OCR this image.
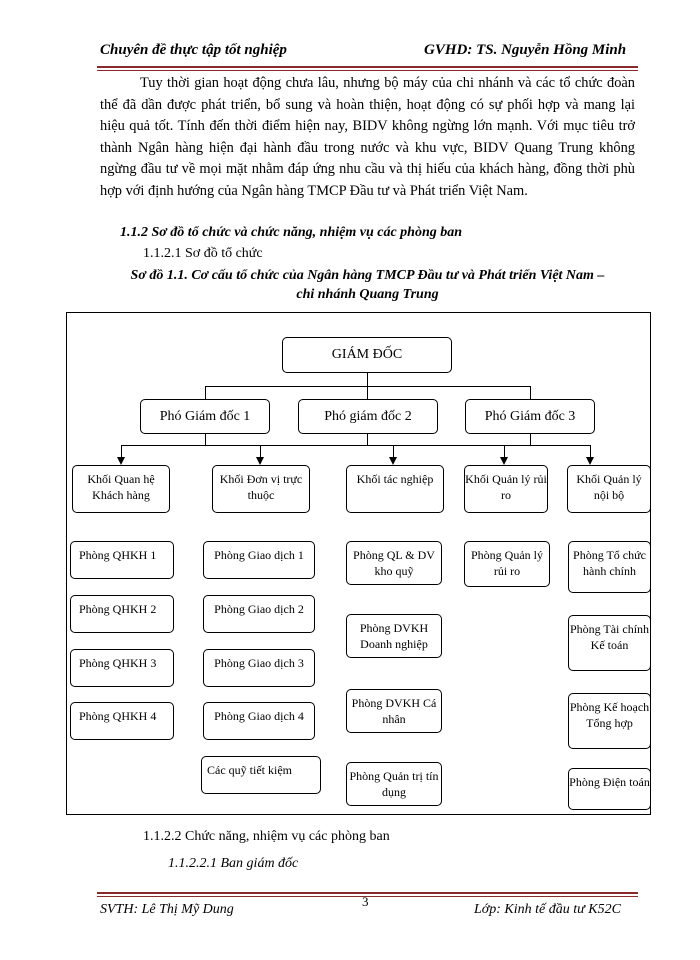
Chuyên đề thực tập tốt nghiệp	GVHD: TS. Nguyễn Hồng Minh

Tuy thời gian hoạt động chưa lâu, nhưng bộ máy của chi nhánh và các tổ chức đoàn thể đã dần được phát triển, bổ sung và hoàn thiện, hoạt động có sự phối hợp và mang lại hiệu quả tốt. Tính đến thời điểm hiện nay, BIDV không ngừng lớn mạnh. Với mục tiêu trở thành Ngân hàng hiện đại hành đầu trong nước và khu vực, BIDV Quang Trung không ngừng đầu tư về mọi mặt nhằm đáp ứng nhu cầu và thị hiếu của khách hàng, đồng thời phù hợp với định hướng của Ngân hàng TMCP Đầu tư và Phát triển Việt Nam.

1.1.2 Sơ đồ tổ chức và chức năng, nhiệm vụ các phòng ban
1.1.2.1 Sơ đồ tổ chức
Sơ đồ 1.1. Cơ cấu tổ chức của Ngân hàng TMCP Đầu tư và Phát triển Việt Nam –
chi nhánh Quang Trung
GIÁM ĐỐC
Phó Giám đốc 1	Phó giám đốc 2	Phó Giám đốc 3
Khối Quan hệ Khách hàng
Khối Đơn vị trực thuộc
Khối tác nghiệp	Khối Quản lý rủi ro
Khối Quản lý nội bộ
Phòng QHKH 1
Phòng QHKH 2
Phòng QHKH 3
Phòng QHKH 4
Phòng Giao dịch 1
Phòng Giao dịch 2
Phòng Giao dịch 3
Phòng Giao dịch 4
Các quỹ tiết kiệm
Phòng QL & DV kho quỹ
Phòng DVKH Doanh nghiệp
Phòng DVKH Cá nhân
Phòng Quản trị tín dụng
Phòng Quản lý rủi ro
Phòng Tổ chức hành chính
Phòng Tài chính Kế toán
Phòng Kế hoạch Tổng hợp
Phòng Điện toán
1.1.2.2 Chức năng, nhiệm vụ các phòng ban
1.1.2.2.1 Ban giám đốc
3
SVTH: Lê Thị Mỹ Dung	Lớp: Kinh tế đầu tư K52C
